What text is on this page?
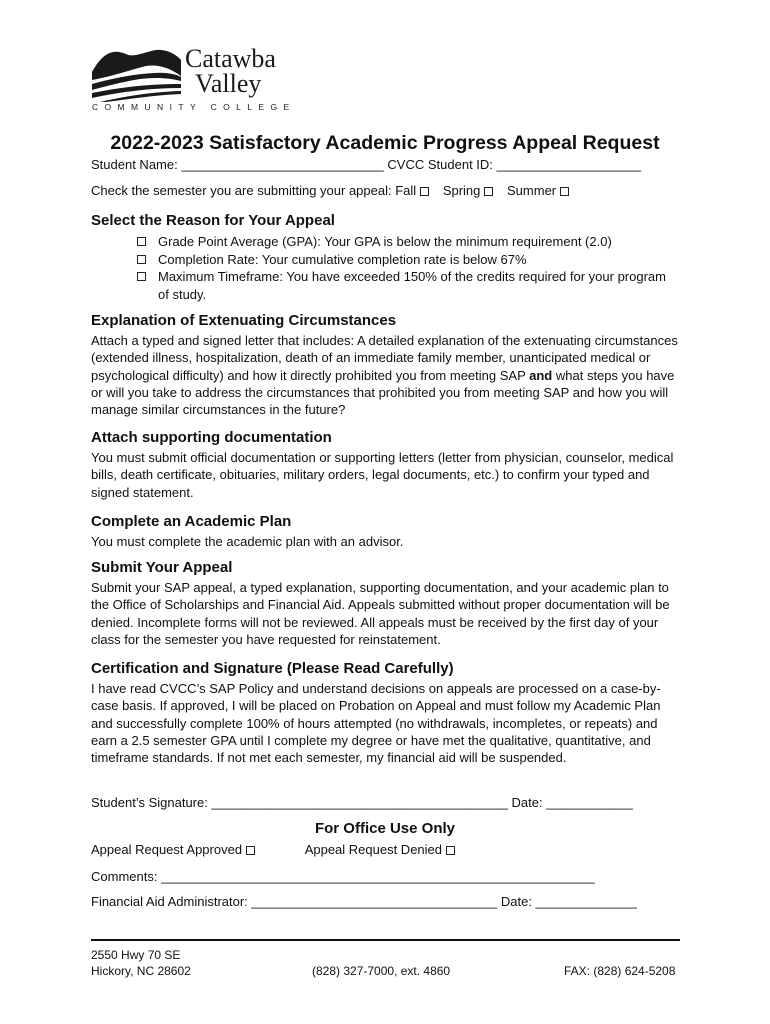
Catawba
Valley
COMMUNITY COLLEGE
2022-2023 Satisfactory Academic Progress Appeal Request
Student Name: ____________________________ CVCC Student ID: ____________________
Check the semester you are submitting your appeal: Fall Spring Summer
Select the Reason for Your Appeal
Grade Point Average (GPA): Your GPA is below the minimum requirement (2.0)
Completion Rate: Your cumulative completion rate is below 67%
Maximum Timeframe: You have exceeded 150% of the credits required for your program of study.
Explanation of Extenuating Circumstances
Attach a typed and signed letter that includes: A detailed explanation of the extenuating circumstances (extended illness, hospitalization, death of an immediate family member, unanticipated medical or psychological difficulty) and how it directly prohibited you from meeting SAP and what steps you have or will you take to address the circumstances that prohibited you from meeting SAP and how you will manage similar circumstances in the future?
Attach supporting documentation
You must submit official documentation or supporting letters (letter from physician, counselor, medical bills, death certificate, obituaries, military orders, legal documents, etc.) to confirm your typed and signed statement.
Complete an Academic Plan
You must complete the academic plan with an advisor.
Submit Your Appeal
Submit your SAP appeal, a typed explanation, supporting documentation, and your academic plan to the Office of Scholarships and Financial Aid. Appeals submitted without proper documentation will be denied. Incomplete forms will not be reviewed. All appeals must be received by the first day of your class for the semester you have requested for reinstatement.
Certification and Signature (Please Read Carefully)
I have read CVCC’s SAP Policy and understand decisions on appeals are processed on a case-by-case basis. If approved, I will be placed on Probation on Appeal and must follow my Academic Plan and successfully complete 100% of hours attempted (no withdrawals, incompletes, or repeats) and earn a 2.5 semester GPA until I complete my degree or have met the qualitative, quantitative, and timeframe standards. If not met each semester, my financial aid will be suspended.
Student’s Signature: _________________________________________ Date: ____________
For Office Use Only
Appeal Request Approved	Appeal Request Denied
Comments: ____________________________________________________________
Financial Aid Administrator: __________________________________ Date: ______________
2550 Hwy 70 SE
Hickory, NC 28602	(828) 327-7000, ext. 4860	FAX: (828) 624-5208
